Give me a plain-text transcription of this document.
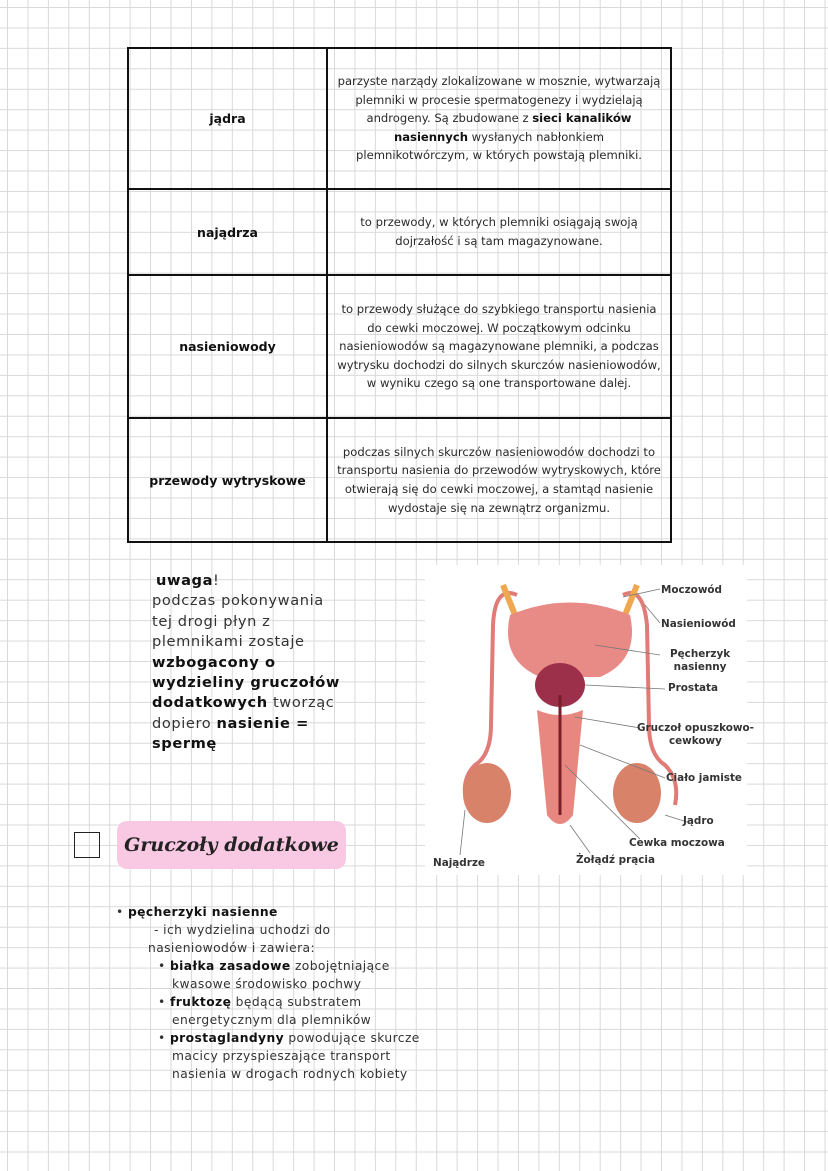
jądra
parzyste narządy zlokalizowane w mosznie, wytwarzają plemniki w procesie spermatogenezy i wydzielają androgeny. Są zbudowane z sieci kanalików nasiennych wysłanych nabłonkiem plemnikotwórczym, w których powstają plemniki.
najądrza
to przewody, w których plemniki osiągają swoją dojrzałość i są tam magazynowane.
nasieniowody
to przewody służące do szybkiego transportu nasienia do cewki moczowej. W początkowym odcinku nasieniowodów są magazynowane plemniki, a podczas wytrysku dochodzi do silnych skurczów nasieniowodów, w wyniku czego są one transportowane dalej.
przewody wytryskowe
podczas silnych skurczów nasieniowodów dochodzi to transportu nasienia do przewodów wytryskowych, które otwierają się do cewki moczowej, a stamtąd nasienie wydostaje się na zewnątrz organizmu.
uwaga!
podczas pokonywania
tej drogi płyn z
plemnikami zostaje
wzbogacony o
wydzieliny gruczołów
dodatkowych tworząc
dopiero nasienie =
spermę
Moczowód
Nasieniowód
Pęcherzyk
nasienny
Prostata
Gruczoł opuszkowo-
cewkowy
Ciało jamiste
Jądro
Cewka moczowa
Żołądź prącia
Najądrze
Gruczoły dodatkowe
• pęcherzyki nasienne
- ich wydzielina uchodzi do
nasieniowodów i zawiera:
• białka zasadowe zobojętniające
kwasowe środowisko pochwy
• fruktozę będącą substratem
energetycznym dla plemników
• prostaglandyny powodujące skurcze
macicy przyspieszające transport
nasienia w drogach rodnych kobiety
